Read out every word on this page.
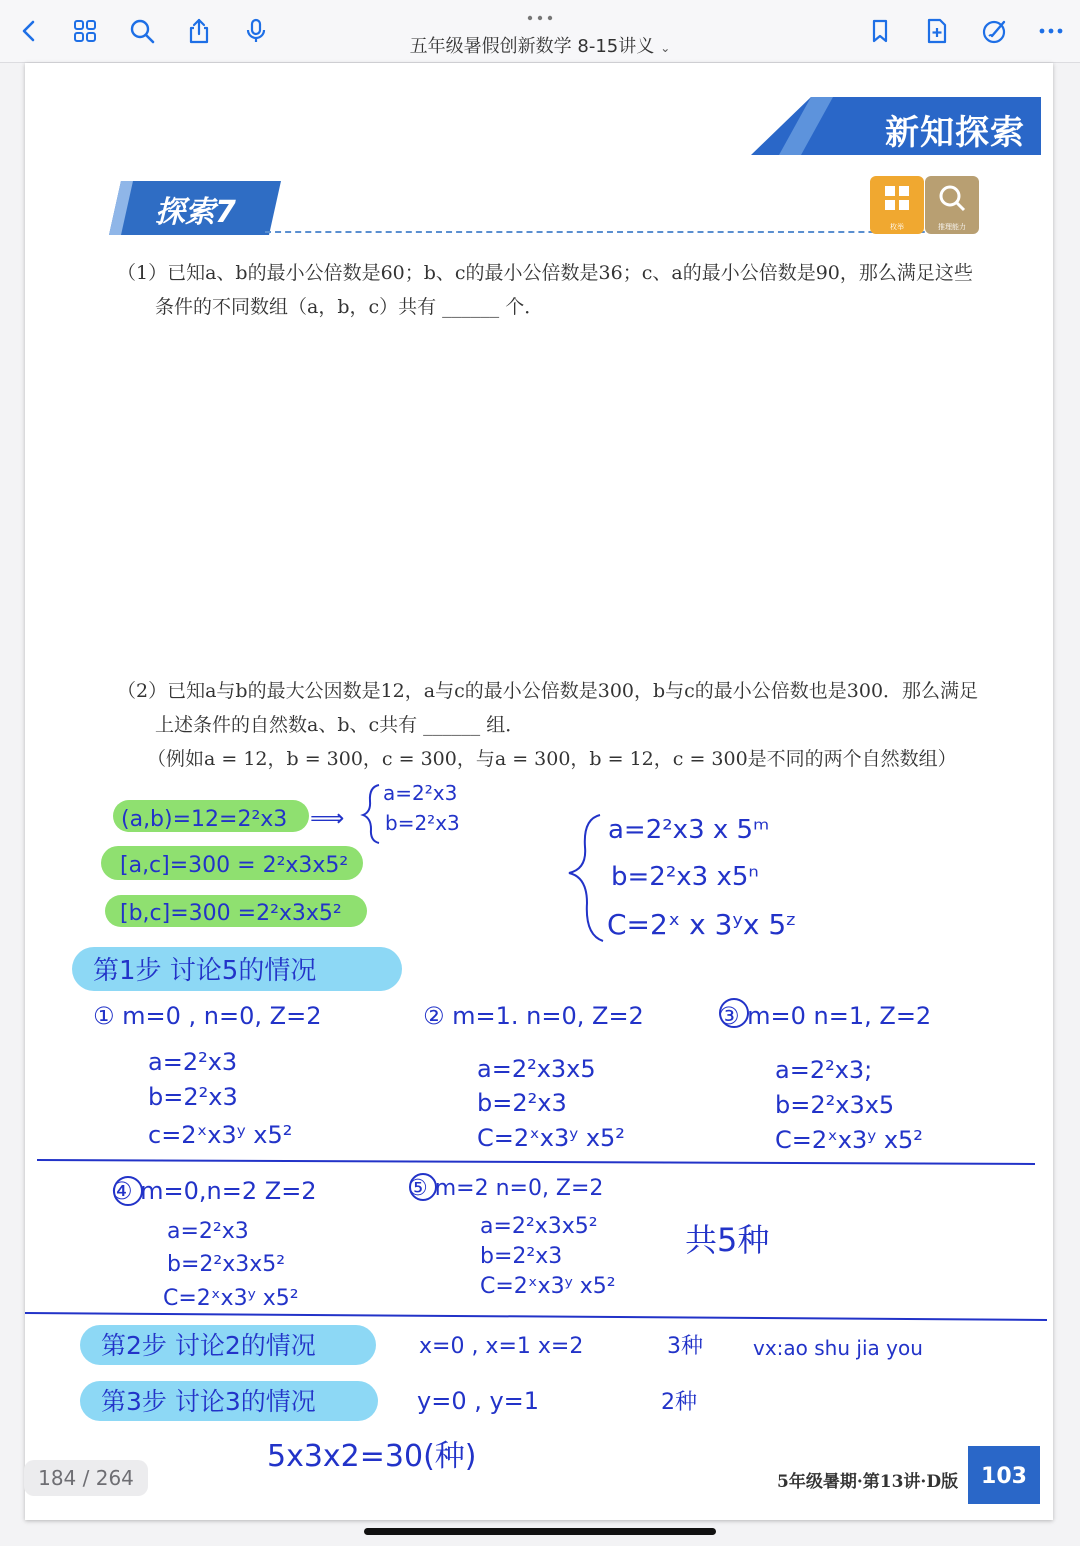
五年级暑假创新数学 8-15讲义 ⌄
新知探索
探索7	枚举	推理能力
（1）已知a、b的最小公倍数是60；b、c的最小公倍数是36；c、a的最小公倍数是90，那么满足这些
条件的不同数组（a，b，c）共有 ______ 个．
（2）已知a与b的最大公因数是12，a与c的最小公倍数是300，b与c的最小公倍数也是300．那么满足
上述条件的自然数a、b、c共有 ______ 组．
（例如a = 12，b = 300，c = 300，与a = 300，b = 12，c = 300是不同的两个自然数组）
(a,b)=12=2²x3 ⟹
a=2²x3
b=2²x3
[a,c]=300 = 2²x3x5²
[b,c]=300 =2²x3x5²
a=2²x3 x 5ᵐ
b=2²x3 x5ⁿ
C=2ˣ x 3ʸx 5ᶻ
第1步 讨论5的情况
① m=0 , n=0, Z=2
a=2²x3
b=2²x3
c=2ˣx3ʸ x5²
② m=1. n=0, Z=2
a=2²x3x5
b=2²x3
C=2ˣx3ʸ x5²
③ m=0 n=1, Z=2
a=2²x3;
b=2²x3x5
C=2ˣx3ʸ x5²
④ m=0,n=2 Z=2
a=2²x3
b=2²x3x5²
C=2ˣx3ʸ x5²
⑤ m=2 n=0, Z=2
a=2²x3x5²
b=2²x3
C=2ˣx3ʸ x5²
共5种
第2步 讨论2的情况	x=0 , x=1 x=2	3种	vx:ao shu jia you
第3步 讨论3的情况	y=0 , y=1	2种
5x3x2=30(种)
5年级暑期·第13讲·D版	103
184 / 264
